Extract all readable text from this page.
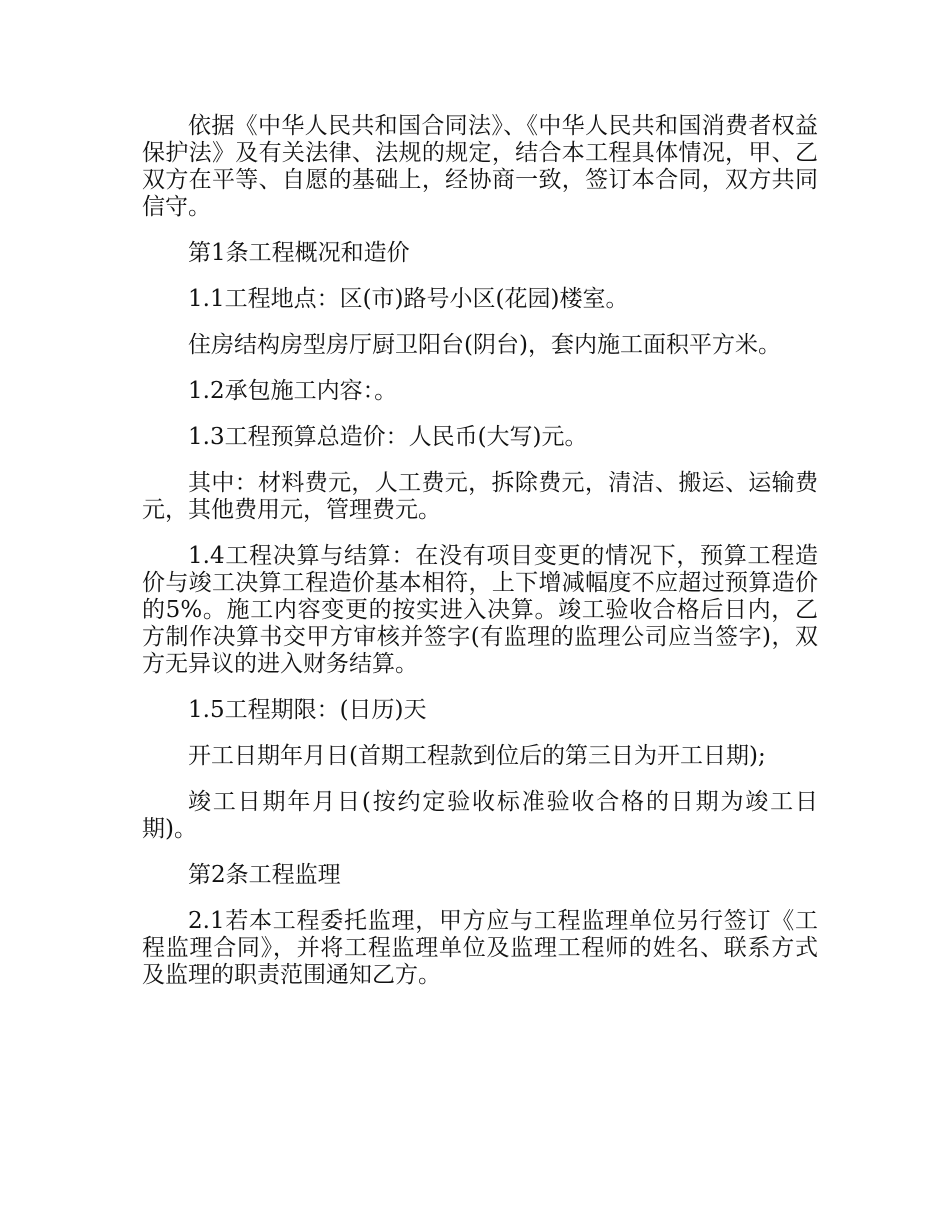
依据《中华人民共和国合同法》、《中华人民共和国消费者权益保护法》及有关法律、法规的规定，结合本工程具体情况，甲、乙双方在平等、自愿的基础上，经协商一致，签订本合同，双方共同信守。

第1条工程概况和造价

1.1工程地点：区(市)路号小区(花园)楼室。

住房结构房型房厅厨卫阳台(阴台)，套内施工面积平方米。

1.2承包施工内容：。

1.3工程预算总造价：人民币(大写)元。

其中：材料费元，人工费元，拆除费元，清洁、搬运、运输费元，其他费用元，管理费元。

1.4工程决算与结算：在没有项目变更的情况下，预算工程造价与竣工决算工程造价基本相符，上下增减幅度不应超过预算造价的5%。施工内容变更的按实进入决算。竣工验收合格后日内，乙方制作决算书交甲方审核并签字(有监理的监理公司应当签字)，双方无异议的进入财务结算。

1.5工程期限：(日历)天

开工日期年月日(首期工程款到位后的第三日为开工日期);

竣工日期年月日(按约定验收标准验收合格的日期为竣工日期)。

第2条工程监理

2.1若本工程委托监理，甲方应与工程监理单位另行签订《工程监理合同》，并将工程监理单位及监理工程师的姓名、联系方式及监理的职责范围通知乙方。
